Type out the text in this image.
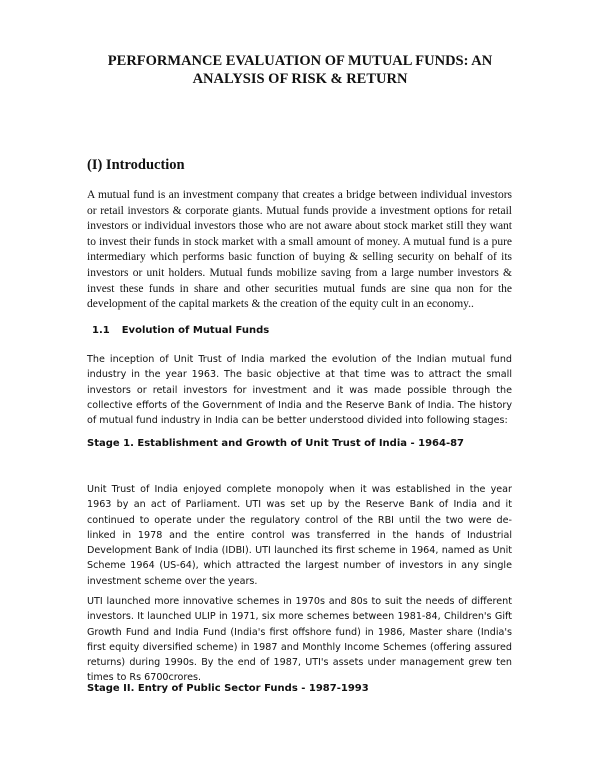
PERFORMANCE EVALUATION OF MUTUAL FUNDS: AN
ANALYSIS OF RISK & RETURN
(I) Introduction

A mutual fund is an investment company that creates a bridge between individual investors or retail investors & corporate giants. Mutual funds provide a investment options for retail investors or individual investors those who are not aware about stock market still they want to invest their funds in stock market with a small amount of money. A mutual fund is a pure intermediary which performs basic function of buying & selling security on behalf of its investors or unit holders. Mutual funds mobilize saving from a large number investors & invest these funds in share and other securities mutual funds are sine qua non for the development of the capital markets & the creation of the equity cult in an economy..

1.1 Evolution of Mutual Funds

The inception of Unit Trust of India marked the evolution of the Indian mutual fund industry in the year 1963. The basic objective at that time was to attract the small investors or retail investors for investment and it was made possible through the collective efforts of the Government of India and the Reserve Bank of India. The history of mutual fund industry in India can be better understood divided into following stages:

Stage 1. Establishment and Growth of Unit Trust of India - 1964-87

Unit Trust of India enjoyed complete monopoly when it was established in the year 1963 by an act of Parliament. UTI was set up by the Reserve Bank of India and it continued to operate under the regulatory control of the RBI until the two were de-linked in 1978 and the entire control was transferred in the hands of Industrial Development Bank of India (IDBI). UTI launched its first scheme in 1964, named as Unit Scheme 1964 (US-64), which attracted the largest number of investors in any single investment scheme over the years.

UTI launched more innovative schemes in 1970s and 80s to suit the needs of different investors. It launched ULIP in 1971, six more schemes between 1981-84, Children's Gift Growth Fund and India Fund (India's first offshore fund) in 1986, Master share (India's first equity diversified scheme) in 1987 and Monthly Income Schemes (offering assured returns) during 1990s. By the end of 1987, UTI's assets under management grew ten times to Rs 6700crores.

Stage II. Entry of Public Sector Funds - 1987-1993
